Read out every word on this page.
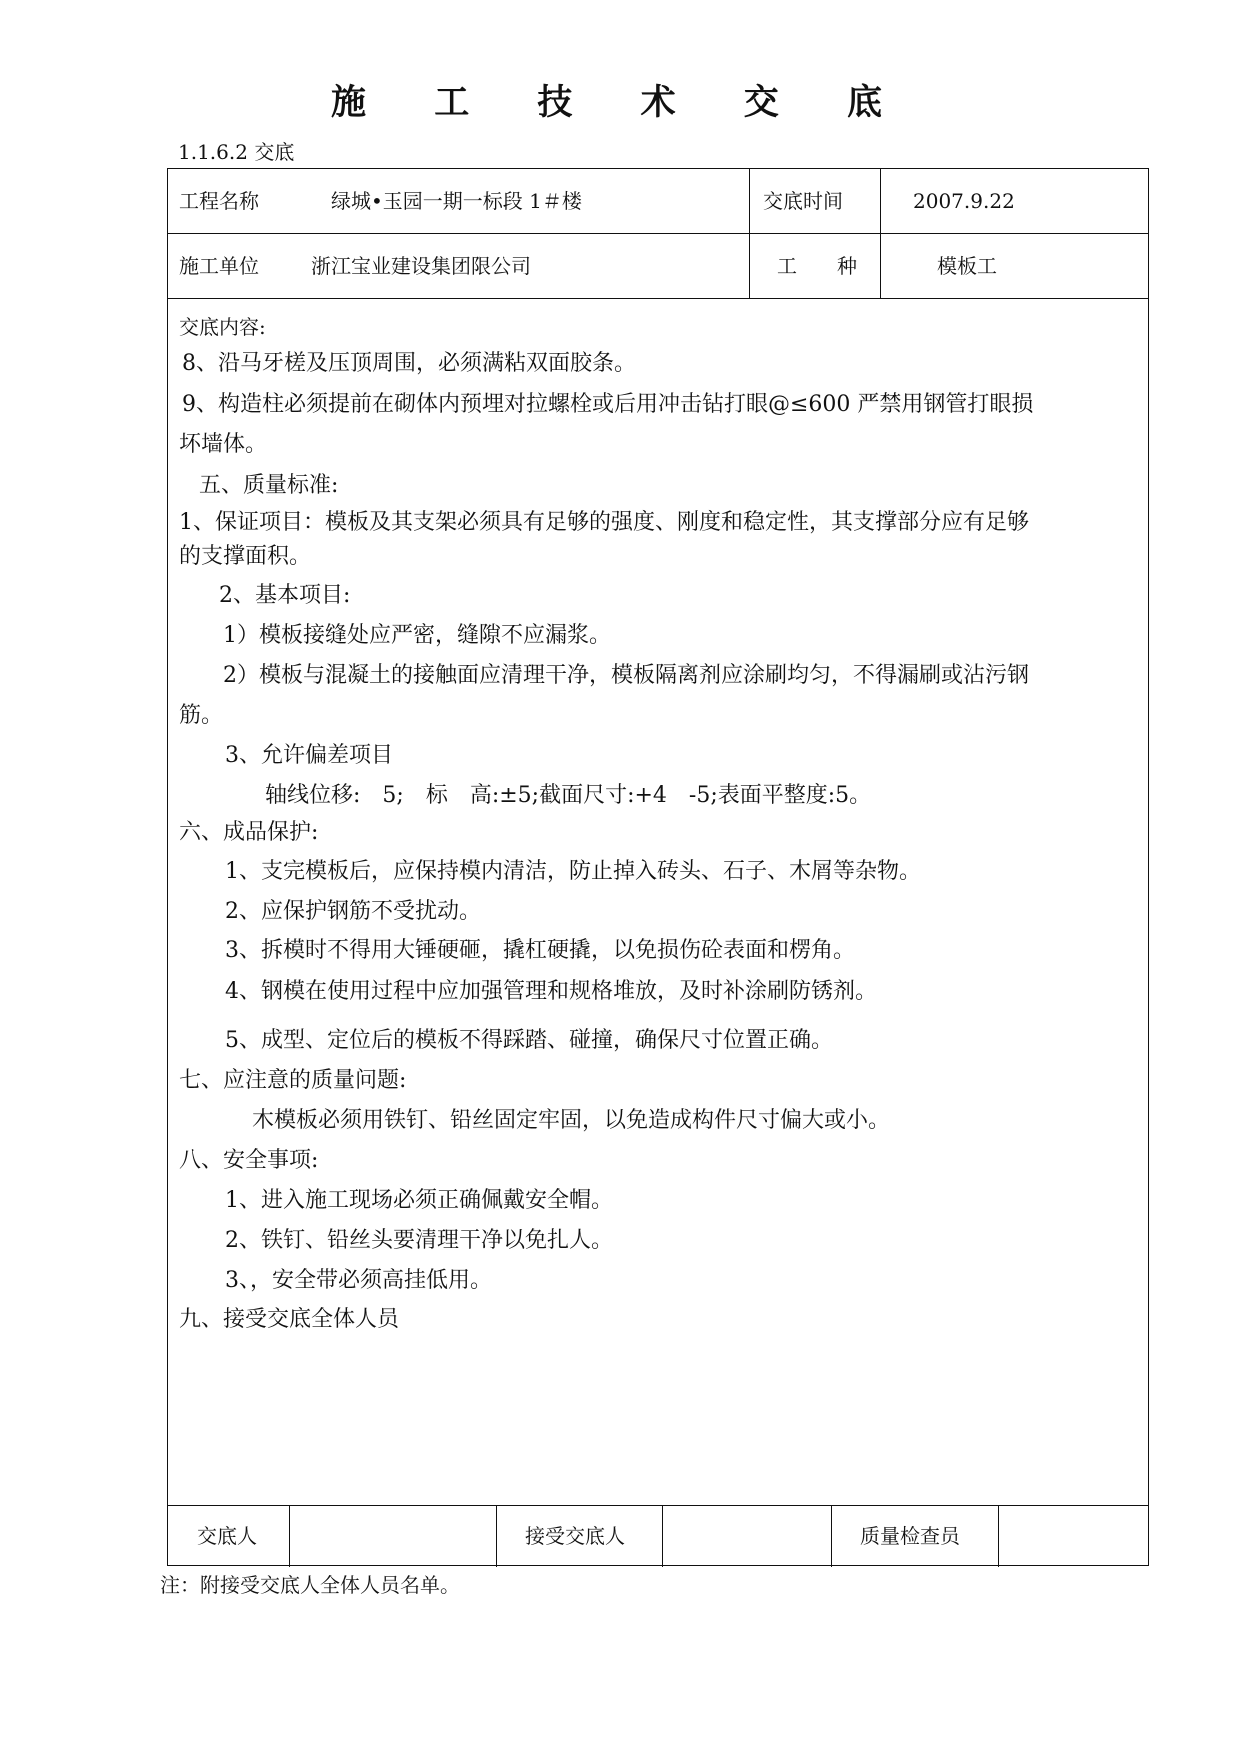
施 工 技 术 交 底
1.1.6.2 交底
工程名称	绿城•玉园一期一标段 1＃楼	交底时间	2007.9.22
施工单位	浙江宝业建设集团限公司	工　　种	模板工
交底内容:
8、沿马牙槎及压顶周围，必须满粘双面胶条。
9、构造柱必须提前在砌体内预埋对拉螺栓或后用冲击钻打眼@≤600 严禁用钢管打眼损
坏墙体。
五、质量标准:
1、保证项目：模板及其支架必须具有足够的强度、刚度和稳定性，其支撑部分应有足够
的支撑面积。
2、基本项目:
1）模板接缝处应严密，缝隙不应漏浆。
2）模板与混凝土的接触面应清理干净，模板隔离剂应涂刷均匀，不得漏刷或沾污钢
筋。
3、允许偏差项目
轴线位移:　5;　标　高:±5;截面尺寸:+4　-5;表面平整度:5。
六、成品保护:
1、支完模板后，应保持模内清洁，防止掉入砖头、石子、木屑等杂物。
2、应保护钢筋不受扰动。
3、拆模时不得用大锤硬砸，撬杠硬撬，以免损伤砼表面和楞角。
4、钢模在使用过程中应加强管理和规格堆放，及时补涂刷防锈剂。
5、成型、定位后的模板不得踩踏、碰撞，确保尺寸位置正确。
七、应注意的质量问题:
木模板必须用铁钉、铅丝固定牢固，以免造成构件尺寸偏大或小。
八、安全事项:
1、进入施工现场必须正确佩戴安全帽。
2、铁钉、铅丝头要清理干净以免扎人。
3、，安全带必须高挂低用。
九、接受交底全体人员
交底人	接受交底人	质量检查员
注：附接受交底人全体人员名单。
